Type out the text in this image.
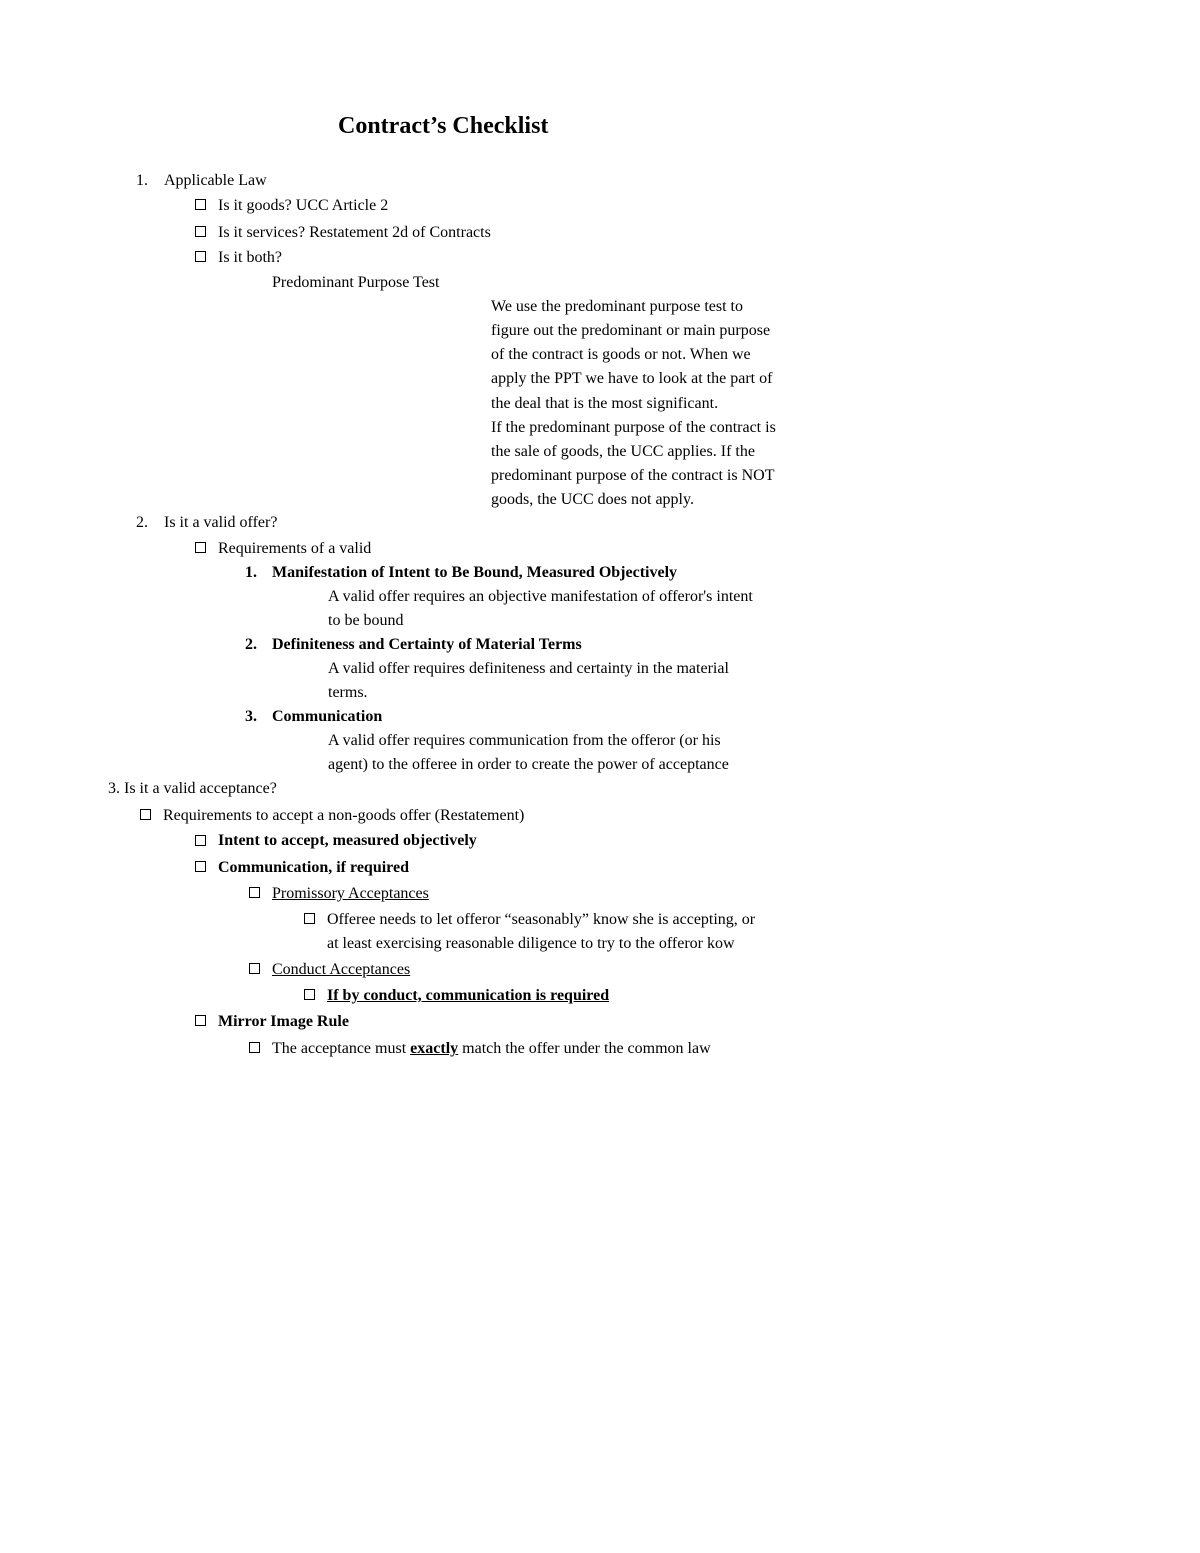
Contract’s Checklist
1. Applicable Law
Is it goods? UCC Article 2
Is it services? Restatement 2d of Contracts
Is it both?
Predominant Purpose Test
We use the predominant purpose test to
figure out the predominant or main purpose
of the contract is goods or not. When we
apply the PPT we have to look at the part of
the deal that is the most significant.
If the predominant purpose of the contract is
the sale of goods, the UCC applies. If the
predominant purpose of the contract is NOT
goods, the UCC does not apply.
2. Is it a valid offer?
Requirements of a valid
1. Manifestation of Intent to Be Bound, Measured Objectively
A valid offer requires an objective manifestation of offeror's intent
to be bound
2. Definiteness and Certainty of Material Terms
A valid offer requires definiteness and certainty in the material
terms.
3. Communication
A valid offer requires communication from the offeror (or his
agent) to the offeree in order to create the power of acceptance
3. Is it a valid acceptance?
Requirements to accept a non-goods offer (Restatement)
Intent to accept, measured objectively
Communication, if required
Promissory Acceptances
Offeree needs to let offeror “seasonably” know she is accepting, or
at least exercising reasonable diligence to try to the offeror kow
Conduct Acceptances
If by conduct, communication is required
Mirror Image Rule
The acceptance must exactly match the offer under the common law
